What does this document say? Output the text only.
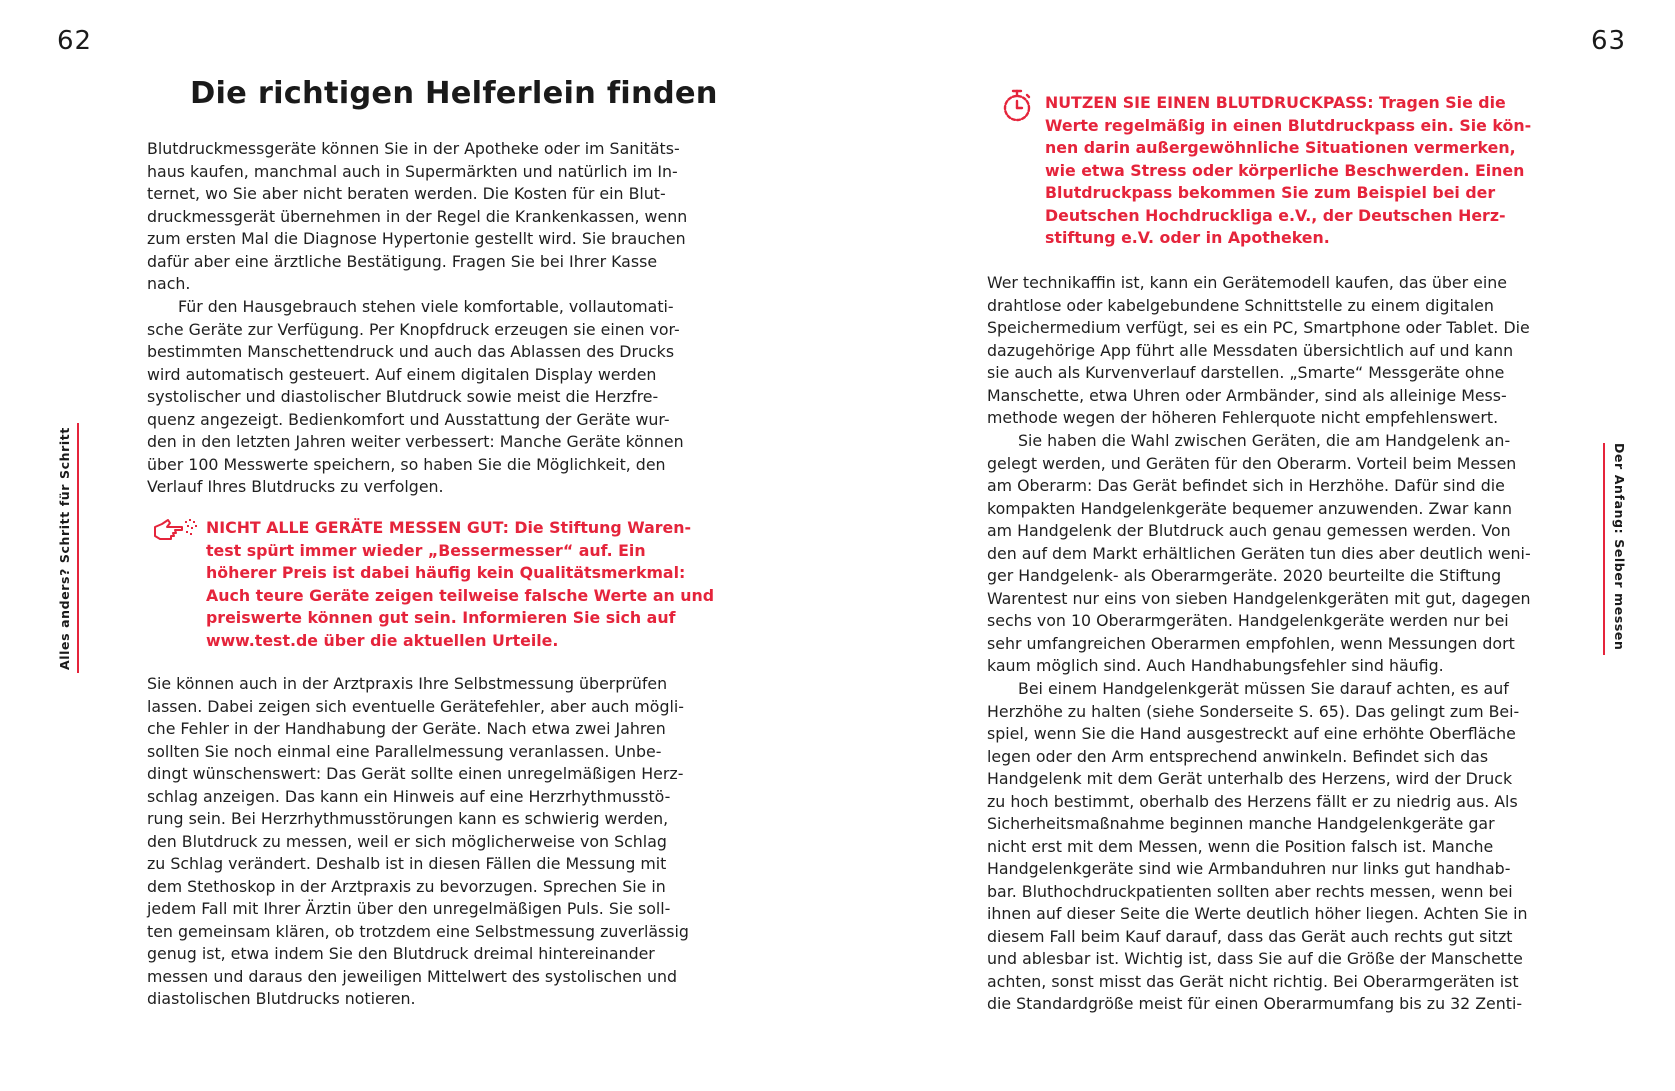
62	63
Alles anders? Schritt für Schritt	Der Anfang: Selber messen
Die richtigen Helferlein finden
Blutdruckmessgeräte können Sie in der Apotheke oder im Sanitäts-
haus kaufen, manchmal auch in Supermärkten und natürlich im In-
ternet, wo Sie aber nicht beraten werden. Die Kosten für ein Blut-
druckmessgerät übernehmen in der Regel die Krankenkassen, wenn
zum ersten Mal die Diagnose Hypertonie gestellt wird. Sie brauchen
dafür aber eine ärztliche Bestätigung. Fragen Sie bei Ihrer Kasse
nach.
Für den Hausgebrauch stehen viele komfortable, vollautomati-
sche Geräte zur Verfügung. Per Knopfdruck erzeugen sie einen vor-
bestimmten Manschettendruck und auch das Ablassen des Drucks
wird automatisch gesteuert. Auf einem digitalen Display werden
systolischer und diastolischer Blutdruck sowie meist die Herzfre-
quenz angezeigt. Bedienkomfort und Ausstattung der Geräte wur-
den in den letzten Jahren weiter verbessert: Manche Geräte können
über 100 Messwerte speichern, so haben Sie die Möglichkeit, den
Verlauf Ihres Blutdrucks zu verfolgen.
NICHT ALLE GERÄTE MESSEN GUT: Die Stiftung Waren-
test spürt immer wieder „Bessermesser“ auf. Ein
höherer Preis ist dabei häufig kein Qualitätsmerkmal:
Auch teure Geräte zeigen teilweise falsche Werte an und
preiswerte können gut sein. Informieren Sie sich auf
www.test.de über die aktuellen Urteile.
Sie können auch in der Arztpraxis Ihre Selbstmessung überprüfen
lassen. Dabei zeigen sich eventuelle Gerätefehler, aber auch mögli-
che Fehler in der Handhabung der Geräte. Nach etwa zwei Jahren
sollten Sie noch einmal eine Parallelmessung veranlassen. Unbe-
dingt wünschenswert: Das Gerät sollte einen unregelmäßigen Herz-
schlag anzeigen. Das kann ein Hinweis auf eine Herzrhythmusstö-
rung sein. Bei Herzrhythmusstörungen kann es schwierig werden,
den Blutdruck zu messen, weil er sich möglicherweise von Schlag
zu Schlag verändert. Deshalb ist in diesen Fällen die Messung mit
dem Stethoskop in der Arztpraxis zu bevorzugen. Sprechen Sie in
jedem Fall mit Ihrer Ärztin über den unregelmäßigen Puls. Sie soll-
ten gemeinsam klären, ob trotzdem eine Selbstmessung zuverlässig
genug ist, etwa indem Sie den Blutdruck dreimal hintereinander
messen und daraus den jeweiligen Mittelwert des systolischen und
diastolischen Blutdrucks notieren.
NUTZEN SIE EINEN BLUTDRUCKPASS: Tragen Sie die
Werte regelmäßig in einen Blutdruckpass ein. Sie kön-
nen darin außergewöhnliche Situationen vermerken,
wie etwa Stress oder körperliche Beschwerden. Einen
Blutdruckpass bekommen Sie zum Beispiel bei der
Deutschen Hochdruckliga e.V., der Deutschen Herz-
stiftung e.V. oder in Apotheken.
Wer technikaffin ist, kann ein Gerätemodell kaufen, das über eine
drahtlose oder kabelgebundene Schnittstelle zu einem digitalen
Speichermedium verfügt, sei es ein PC, Smartphone oder Tablet. Die
dazugehörige App führt alle Messdaten übersichtlich auf und kann
sie auch als Kurvenverlauf darstellen. „Smarte“ Messgeräte ohne
Manschette, etwa Uhren oder Armbänder, sind als alleinige Mess-
methode wegen der höheren Fehlerquote nicht empfehlenswert.
Sie haben die Wahl zwischen Geräten, die am Handgelenk an-
gelegt werden, und Geräten für den Oberarm. Vorteil beim Messen
am Oberarm: Das Gerät befindet sich in Herzhöhe. Dafür sind die
kompakten Handgelenkgeräte bequemer anzuwenden. Zwar kann
am Handgelenk der Blutdruck auch genau gemessen werden. Von
den auf dem Markt erhältlichen Geräten tun dies aber deutlich weni-
ger Handgelenk- als Oberarmgeräte. 2020 beurteilte die Stiftung
Warentest nur eins von sieben Handgelenkgeräten mit gut, dagegen
sechs von 10 Oberarmgeräten. Handgelenkgeräte werden nur bei
sehr umfangreichen Oberarmen empfohlen, wenn Messungen dort
kaum möglich sind. Auch Handhabungsfehler sind häufig.
Bei einem Handgelenkgerät müssen Sie darauf achten, es auf
Herzhöhe zu halten (siehe Sonderseite S. 65). Das gelingt zum Bei-
spiel, wenn Sie die Hand ausgestreckt auf eine erhöhte Oberfläche
legen oder den Arm entsprechend anwinkeln. Befindet sich das
Handgelenk mit dem Gerät unterhalb des Herzens, wird der Druck
zu hoch bestimmt, oberhalb des Herzens fällt er zu niedrig aus. Als
Sicherheitsmaßnahme beginnen manche Handgelenkgeräte gar
nicht erst mit dem Messen, wenn die Position falsch ist. Manche
Handgelenkgeräte sind wie Armbanduhren nur links gut handhab-
bar. Bluthochdruckpatienten sollten aber rechts messen, wenn bei
ihnen auf dieser Seite die Werte deutlich höher liegen. Achten Sie in
diesem Fall beim Kauf darauf, dass das Gerät auch rechts gut sitzt
und ablesbar ist. Wichtig ist, dass Sie auf die Größe der Manschette
achten, sonst misst das Gerät nicht richtig. Bei Oberarmgeräten ist
die Standardgröße meist für einen Oberarmumfang bis zu 32 Zenti-
